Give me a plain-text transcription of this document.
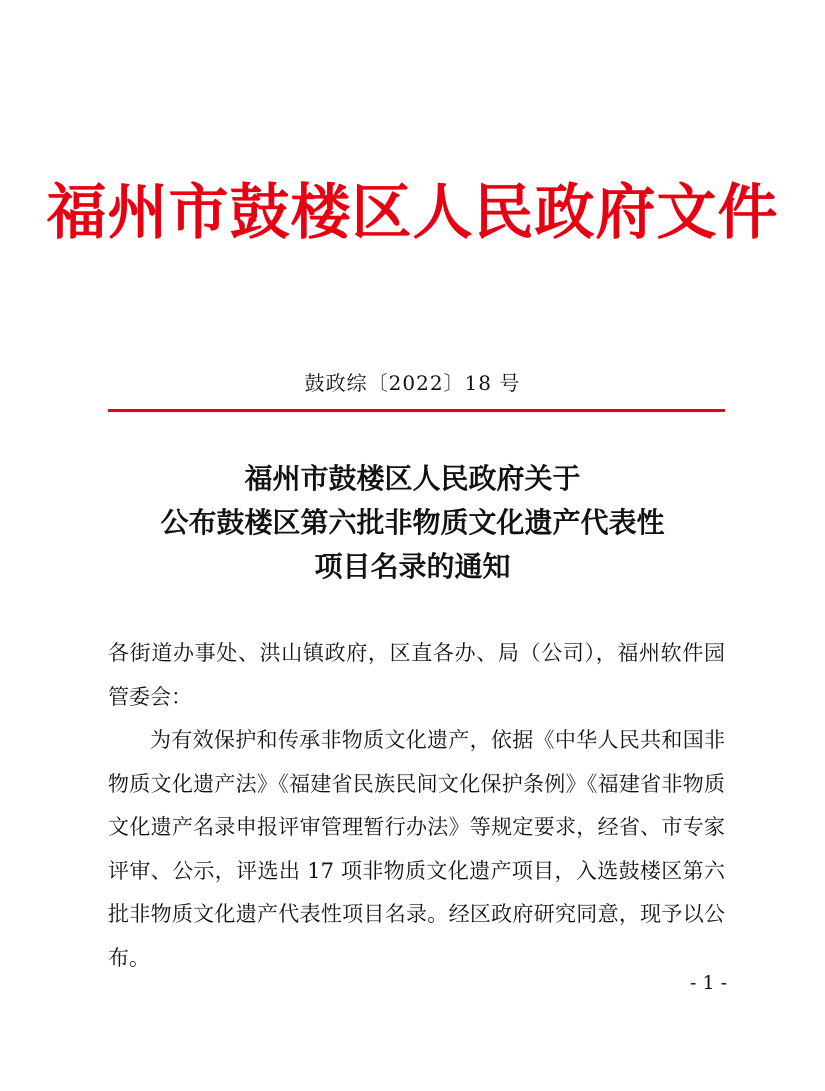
福州市鼓楼区人民政府文件
鼓政综〔2022〕18 号
福州市鼓楼区人民政府关于
公布鼓楼区第六批非物质文化遗产代表性
项目名录的通知

各街道办事处、洪山镇政府，区直各办、局（公司），福州软件园管委会：

为有效保护和传承非物质文化遗产，依据《中华人民共和国非物质文化遗产法》《福建省民族民间文化保护条例》《福建省非物质文化遗产名录申报评审管理暂行办法》等规定要求，经省、市专家评审、公示，评选出 17 项非物质文化遗产项目，入选鼓楼区第六批非物质文化遗产代表性项目名录。经区政府研究同意，现予以公布。

- 1 -
